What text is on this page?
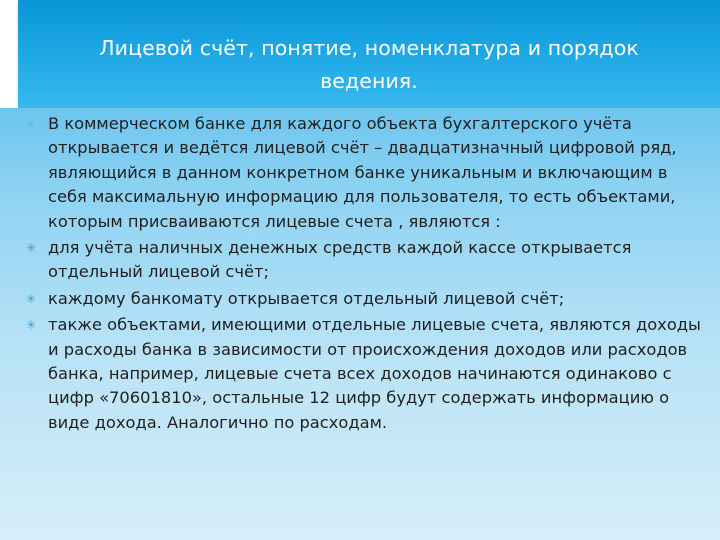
Лицевой счёт, понятие, номенклатура и порядок
ведения.
✳ В коммерческом банке для каждого объекта бухгалтерского учёта открывается и ведётся лицевой счёт – двадцатизначный цифровой ряд, являющийся в данном конкретном банке уникальным и включающим в себя максимальную информацию для пользователя, то есть объектами, которым присваиваются лицевые счета , являются :
✳ для учёта наличных денежных средств каждой кассе открывается отдельный лицевой счёт;
✳ каждому банкомату открывается отдельный лицевой счёт;
✳ также объектами, имеющими отдельные лицевые счета, являются доходы и расходы банка в зависимости от происхождения доходов или расходов банка, например, лицевые счета всех доходов начинаются одинаково с цифр «70601810», остальные 12 цифр будут содержать информацию о виде дохода. Аналогично по расходам.
